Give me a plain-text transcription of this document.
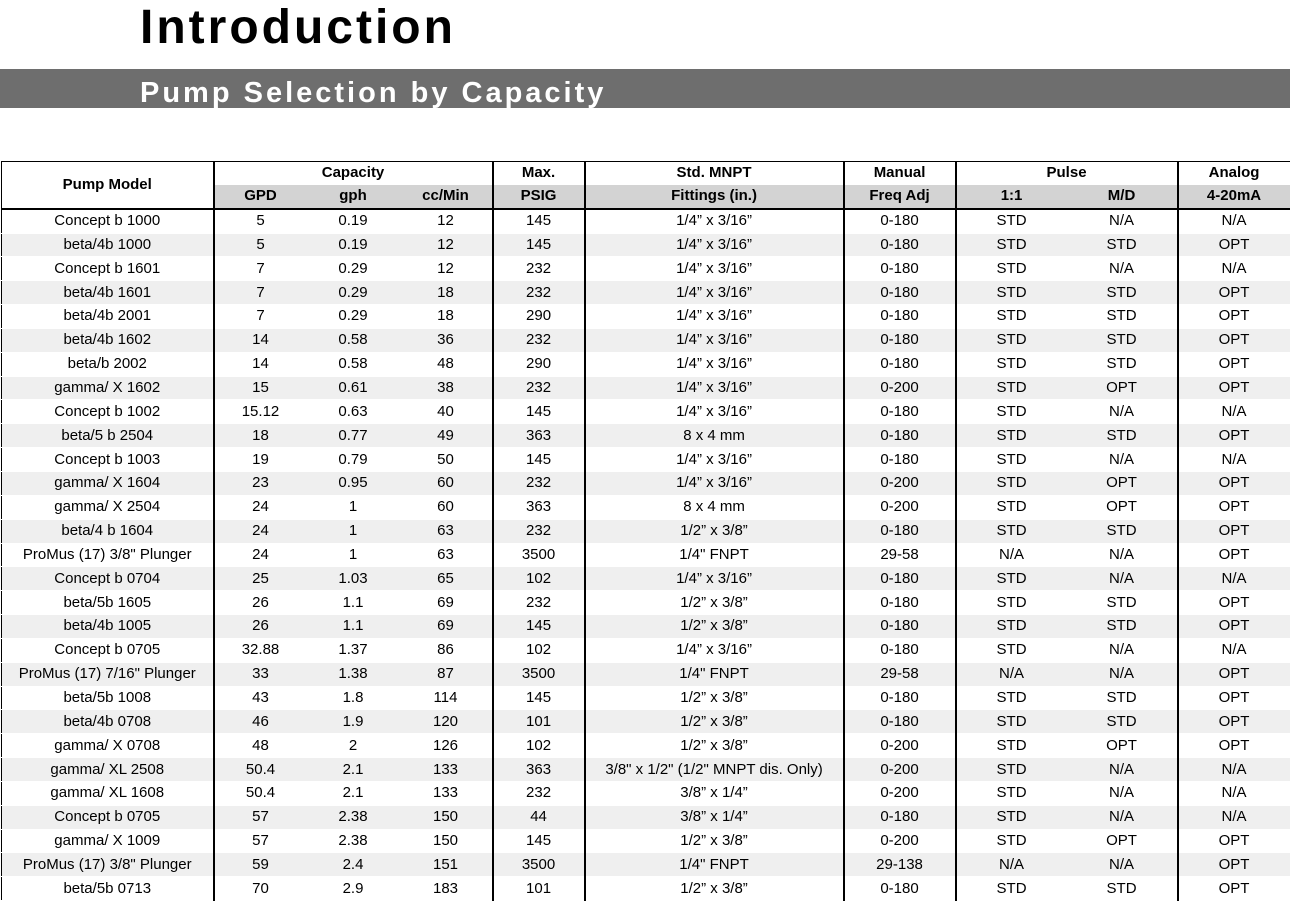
Introduction
Pump Selection by Capacity
Pump Model	Capacity			Max.	Std. MNPT	Manual	Pulse		Analog
	GPD	gph	cc/Min	PSIG	Fittings (in.)	Freq Adj	1:1	M/D	4-20mA
Concept b 1000	5	0.19	12	145	1/4” x 3/16”	0-180	STD	N/A	N/A
beta/4b 1000	5	0.19	12	145	1/4” x 3/16”	0-180	STD	STD	OPT
Concept b 1601	7	0.29	12	232	1/4” x 3/16”	0-180	STD	N/A	N/A
beta/4b 1601	7	0.29	18	232	1/4” x 3/16”	0-180	STD	STD	OPT
beta/4b 2001	7	0.29	18	290	1/4” x 3/16”	0-180	STD	STD	OPT
beta/4b 1602	14	0.58	36	232	1/4” x 3/16”	0-180	STD	STD	OPT
beta/b 2002	14	0.58	48	290	1/4” x 3/16”	0-180	STD	STD	OPT
gamma/ X 1602	15	0.61	38	232	1/4” x 3/16”	0-200	STD	OPT	OPT
Concept b 1002	15.12	0.63	40	145	1/4” x 3/16”	0-180	STD	N/A	N/A
beta/5 b 2504	18	0.77	49	363	8 x 4 mm	0-180	STD	STD	OPT
Concept b 1003	19	0.79	50	145	1/4” x 3/16”	0-180	STD	N/A	N/A
gamma/ X 1604	23	0.95	60	232	1/4” x 3/16”	0-200	STD	OPT	OPT
gamma/ X 2504	24	1	60	363	8 x 4 mm	0-200	STD	OPT	OPT
beta/4 b 1604	24	1	63	232	1/2” x 3/8”	0-180	STD	STD	OPT
ProMus (17) 3/8" Plunger	24	1	63	3500	1/4" FNPT	29-58	N/A	N/A	OPT
Concept b 0704	25	1.03	65	102	1/4” x 3/16”	0-180	STD	N/A	N/A
beta/5b 1605	26	1.1	69	232	1/2” x 3/8”	0-180	STD	STD	OPT
beta/4b 1005	26	1.1	69	145	1/2” x 3/8”	0-180	STD	STD	OPT
Concept b 0705	32.88	1.37	86	102	1/4” x 3/16”	0-180	STD	N/A	N/A
ProMus (17) 7/16" Plunger	33	1.38	87	3500	1/4" FNPT	29-58	N/A	N/A	OPT
beta/5b 1008	43	1.8	114	145	1/2” x 3/8”	0-180	STD	STD	OPT
beta/4b 0708	46	1.9	120	101	1/2” x 3/8”	0-180	STD	STD	OPT
gamma/ X 0708	48	2	126	102	1/2” x 3/8”	0-200	STD	OPT	OPT
gamma/ XL 2508	50.4	2.1	133	363	3/8" x 1/2" (1/2" MNPT dis. Only)	0-200	STD	N/A	N/A
gamma/ XL 1608	50.4	2.1	133	232	3/8” x 1/4”	0-200	STD	N/A	N/A
Concept b 0705	57	2.38	150	44	3/8” x 1/4”	0-180	STD	N/A	N/A
gamma/ X 1009	57	2.38	150	145	1/2” x 3/8”	0-200	STD	OPT	OPT
ProMus (17) 3/8" Plunger	59	2.4	151	3500	1/4" FNPT	29-138	N/A	N/A	OPT
beta/5b 0713	70	2.9	183	101	1/2” x 3/8”	0-180	STD	STD	OPT
